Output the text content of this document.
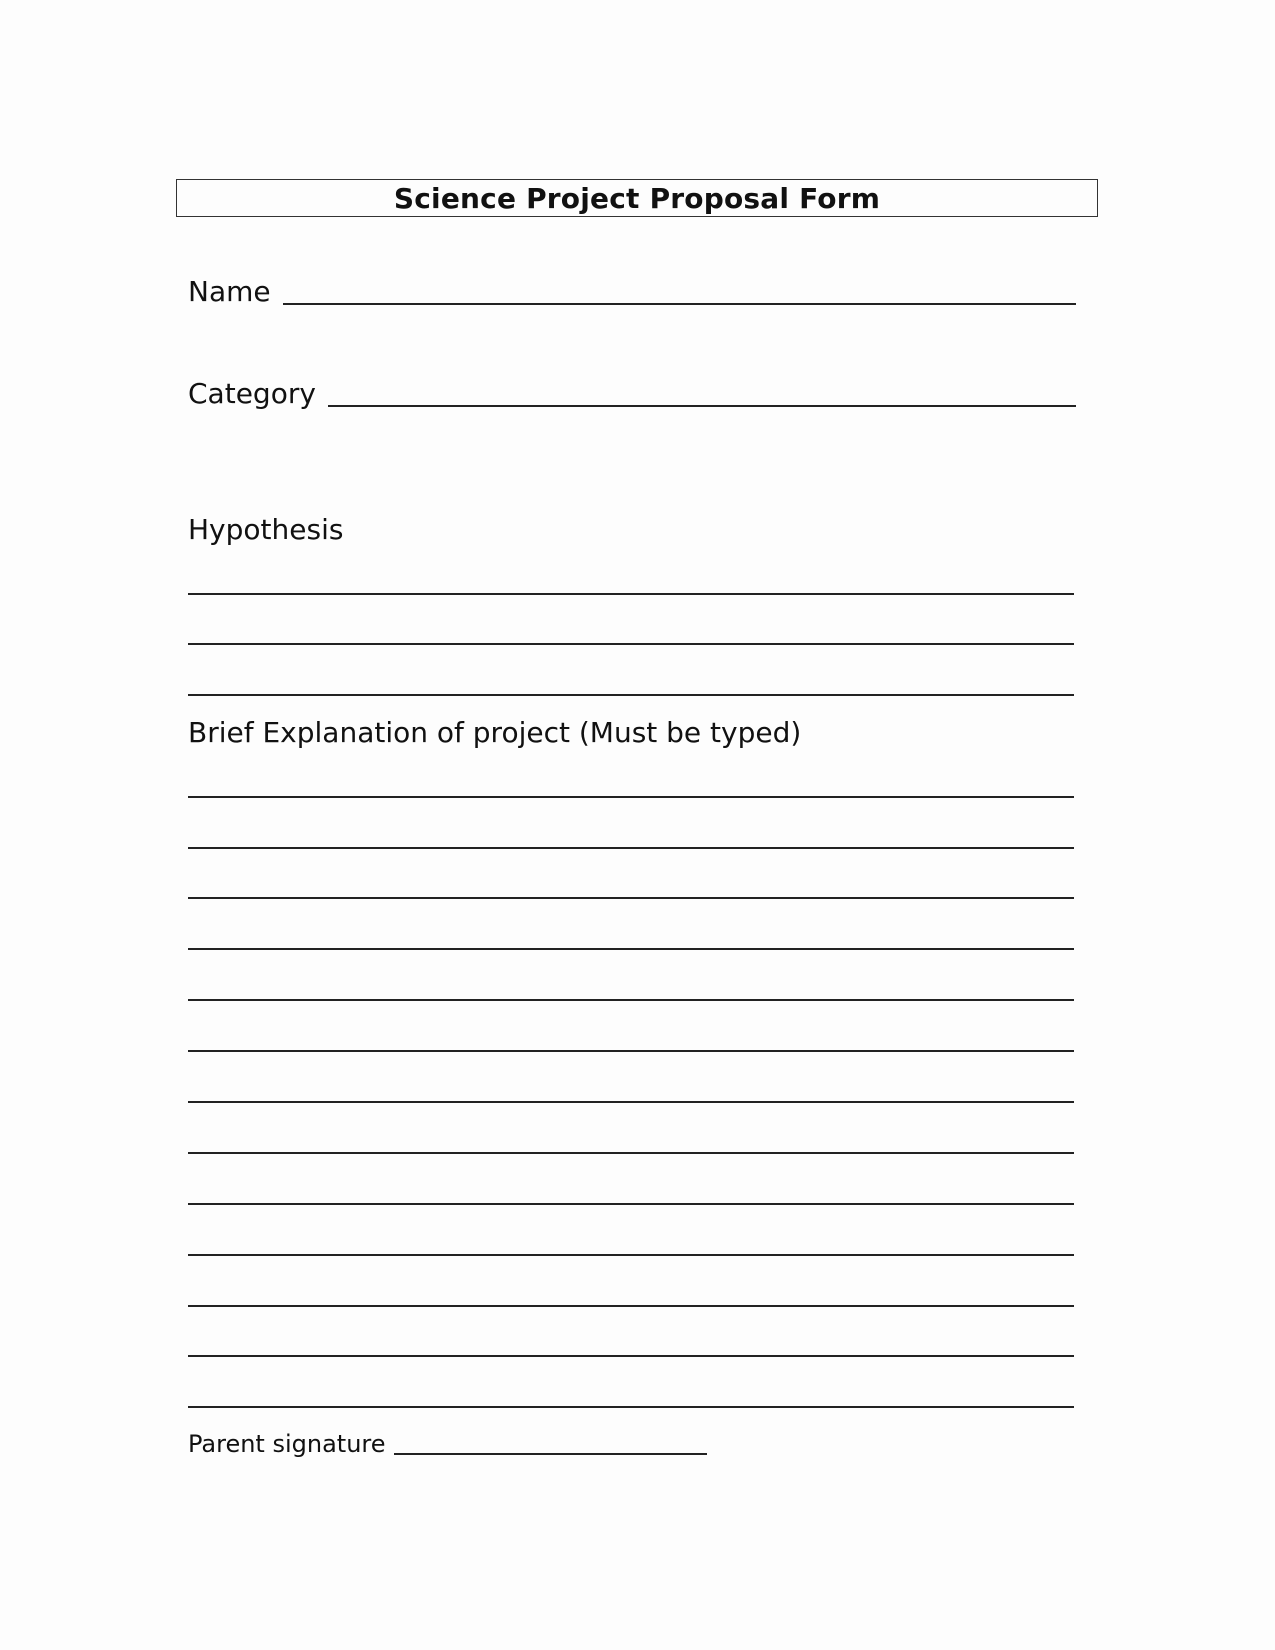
Science Project Proposal Form
Name
Category
Hypothesis
Brief Explanation of project (Must be typed)
Parent signature
